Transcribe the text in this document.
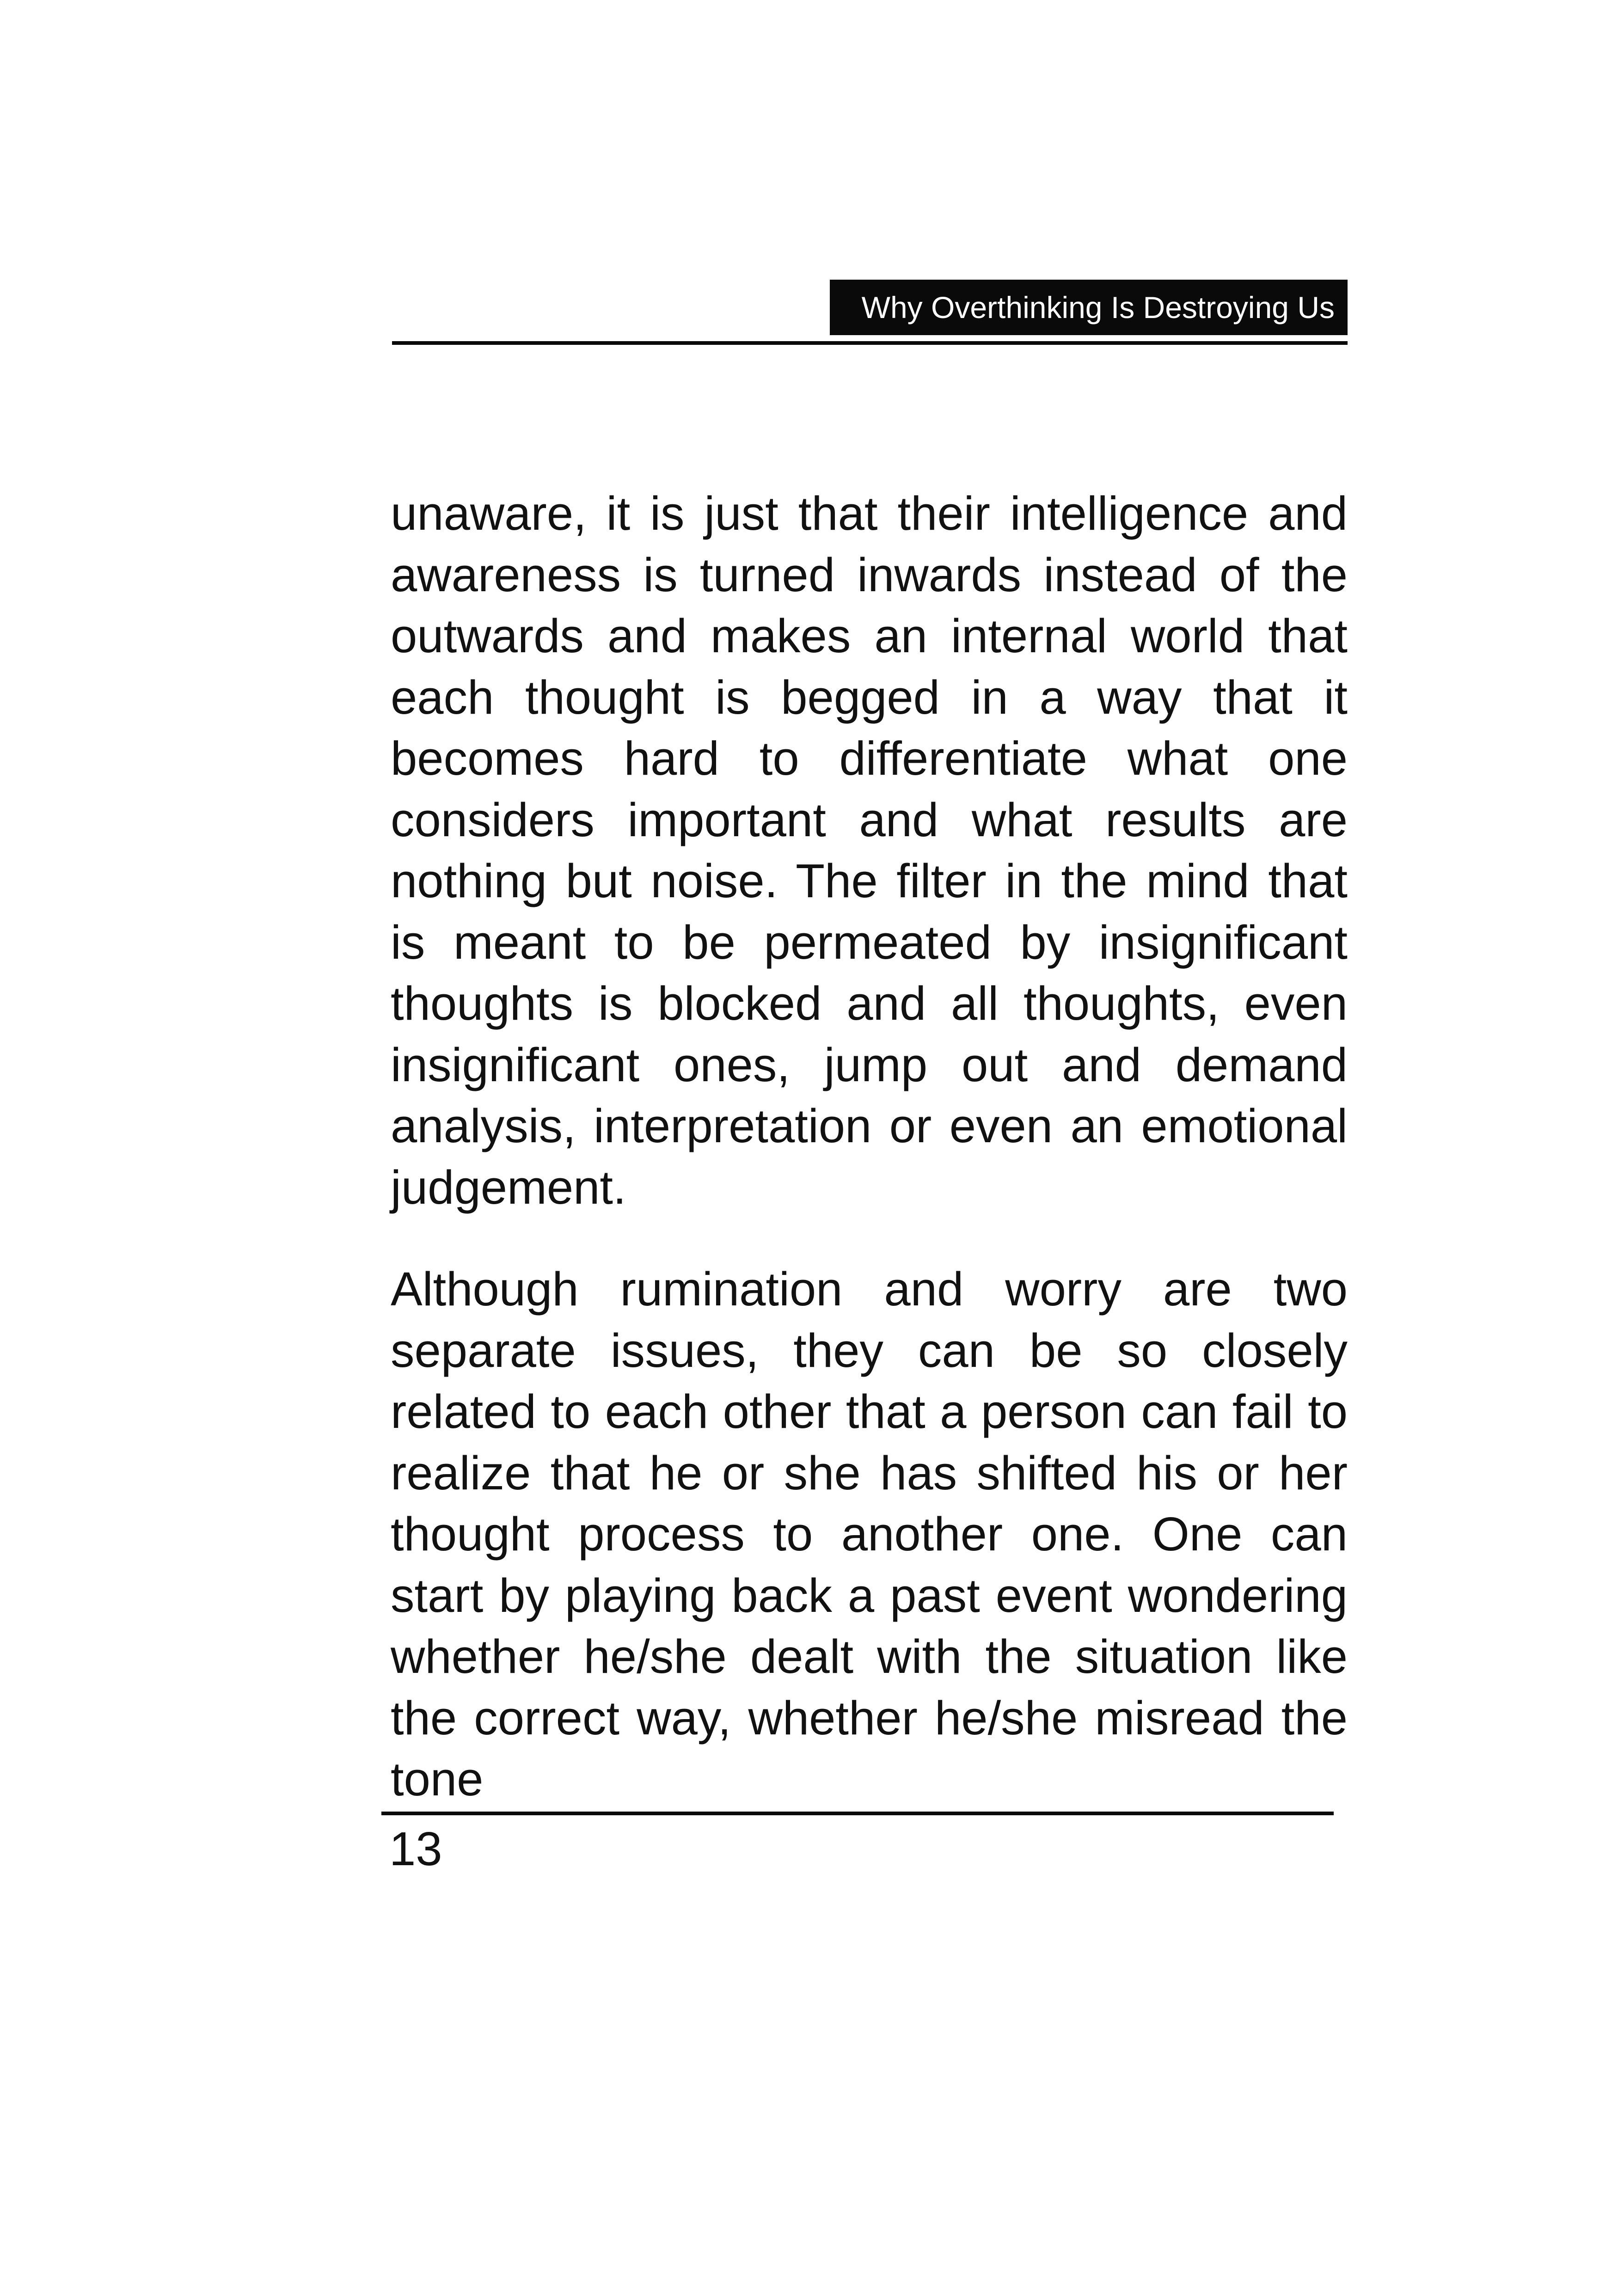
Why Overthinking Is Destroying Us

unaware, it is just that their intelligence and awareness is turned inwards instead of the outwards and makes an internal world that each thought is begged in a way that it becomes hard to differentiate what one considers important and what results are nothing but noise. The filter in the mind that is meant to be permeated by insignificant thoughts is blocked and all thoughts, even insignificant ones, jump out and demand analysis, interpretation or even an emotional judgement.

Although rumination and worry are two separate issues, they can be so closely related to each other that a person can fail to realize that he or she has shifted his or her thought process to another one. One can start by playing back a past event wondering whether he/she dealt with the situation like the correct way, whether he/she misread the tone

13
